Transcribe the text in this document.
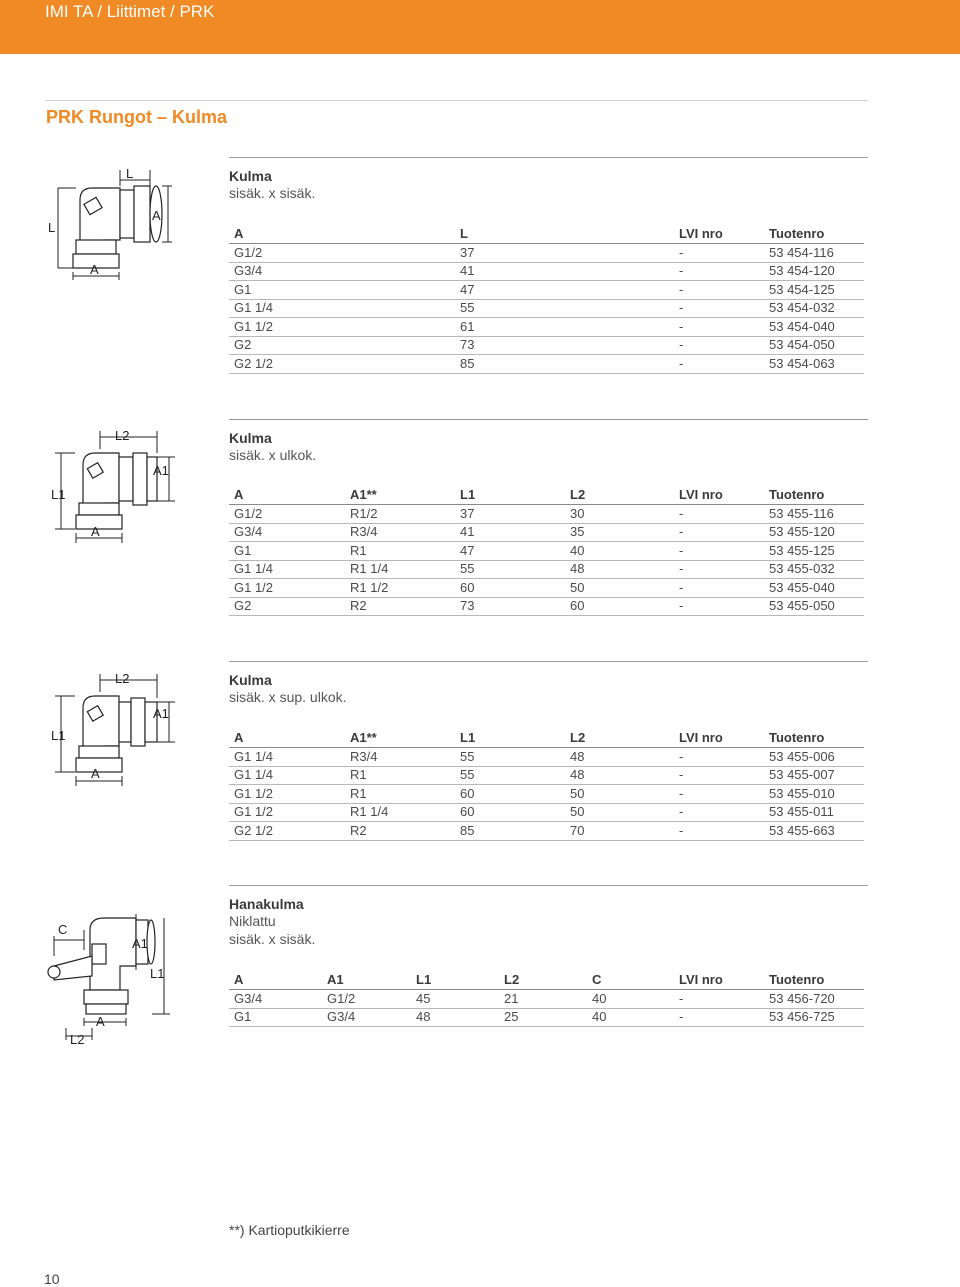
IMI TA / Liittimet / PRK
PRK Rungot – Kulma
Kulma
sisäk. x sisäk.
A	L	LVI nro	Tuotenro
G1/2	37	-	53 454-116
G3/4	41	-	53 454-120
G1	47	-	53 454-125
G1 1/4	55	-	53 454-032
G1 1/2	61	-	53 454-040
G2	73	-	53 454-050
G2 1/2	85	-	53 454-063
L
L
A
A
Kulma
sisäk. x ulkok.
A	A1**	L1	L2	LVI nro	Tuotenro
G1/2	R1/2	37	30	-	53 455-116
G3/4	R3/4	41	35	-	53 455-120
G1	R1	47	40	-	53 455-125
G1 1/4	R1 1/4	55	48	-	53 455-032
G1 1/2	R1 1/2	60	50	-	53 455-040
G2	R2	73	60	-	53 455-050
L2
A1
L1
A
Kulma
sisäk. x sup. ulkok.
A	A1**	L1	L2	LVI nro	Tuotenro
G1 1/4	R3/4	55	48	-	53 455-006
G1 1/4	R1	55	48	-	53 455-007
G1 1/2	R1	60	50	-	53 455-010
G1 1/2	R1 1/4	60	50	-	53 455-011
G2 1/2	R2	85	70	-	53 455-663
L2
A1
L1
A
Hanakulma
Niklattu
sisäk. x sisäk.
A	A1	L1	L2	C	LVI nro	Tuotenro
G3/4	G1/2	45	21	40	-	53 456-720
G1	G3/4	48	25	40	-	53 456-725
C
A1
L1
A
L2
**) Kartioputkikierre
10
